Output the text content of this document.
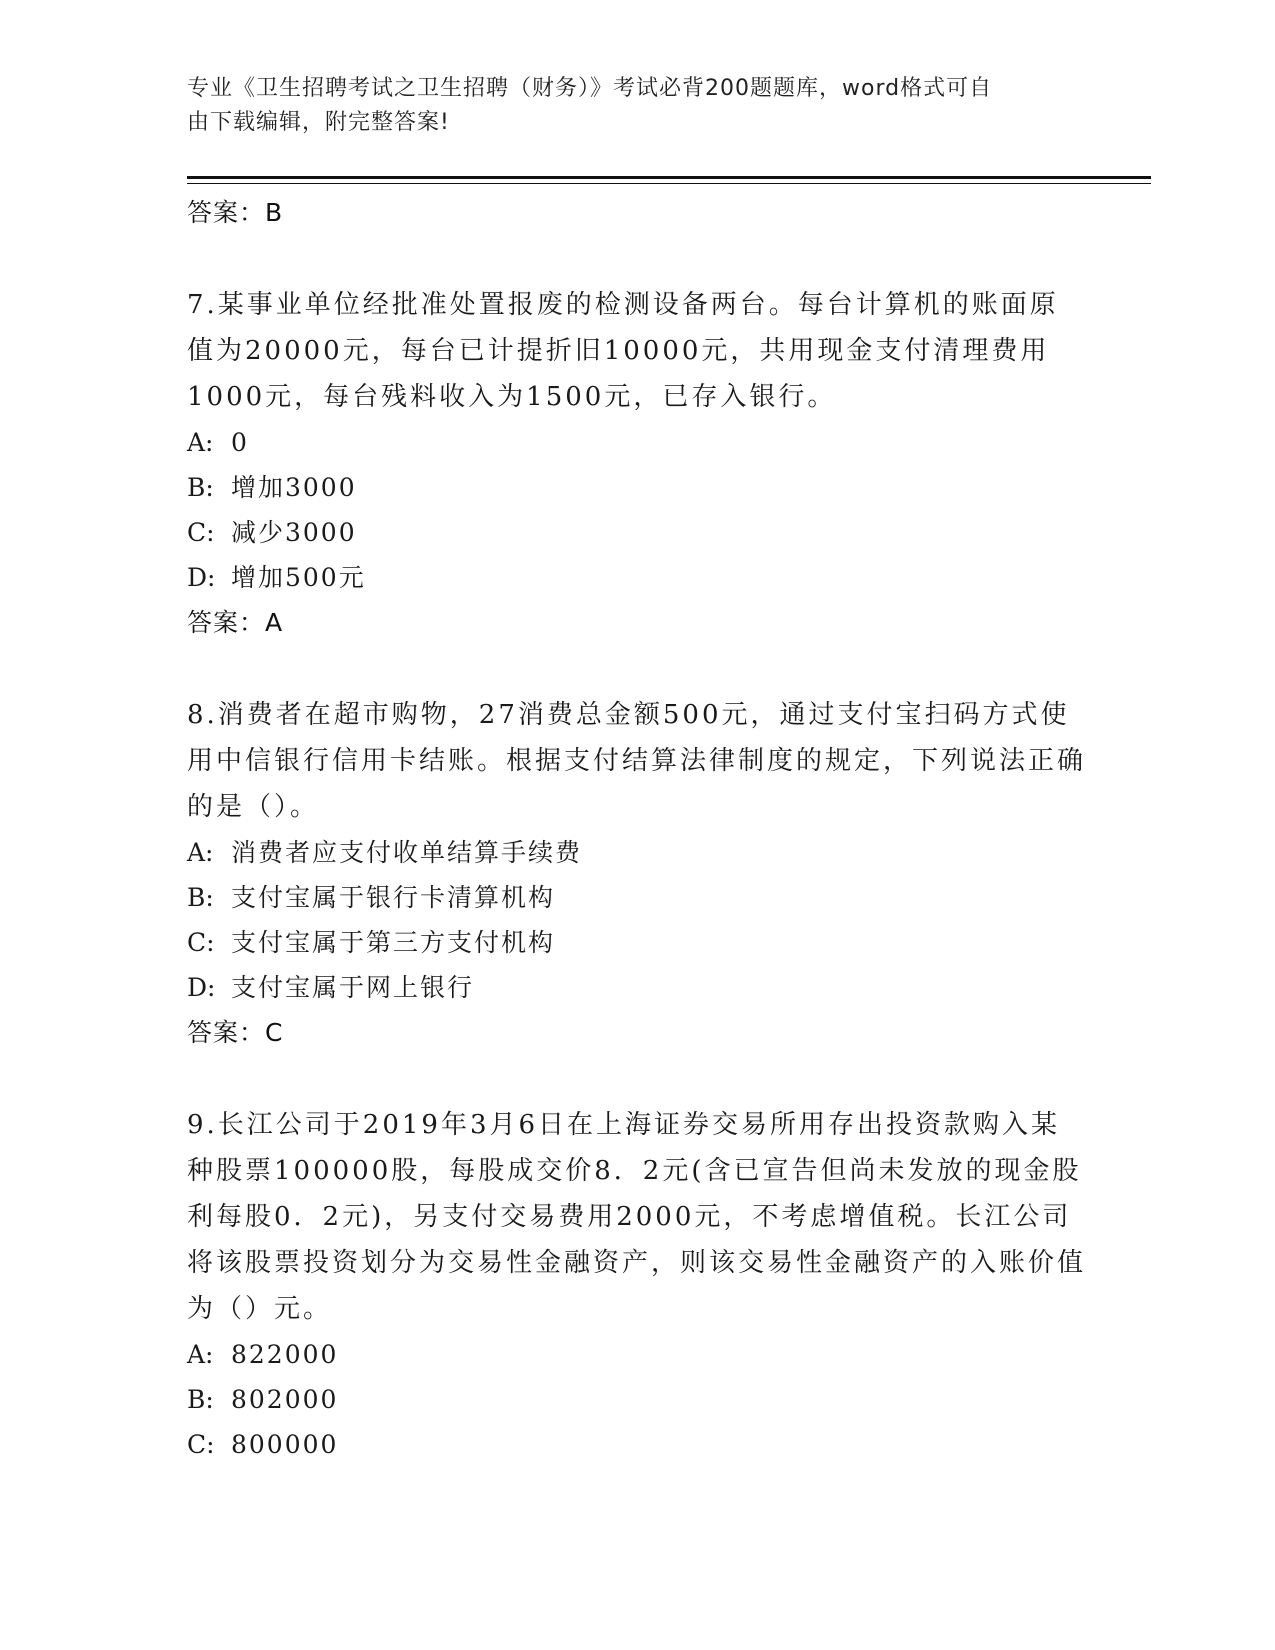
专业《卫生招聘考试之卫生招聘（财务）》考试必背200题题库，word格式可自
由下载编辑，附完整答案!
答案：B
7.某事业单位经批准处置报废的检测设备两台。每台计算机的账面原值为20000元，每台已计提折旧10000元，共用现金支付清理费用1000元，每台残料收入为1500元，已存入银行。
A: 0
B: 增加3000
C: 减少3000
D: 增加500元
答案：A
8.消费者在超市购物，27消费总金额500元，通过支付宝扫码方式使用中信银行信用卡结账。根据支付结算法律制度的规定，下列说法正确的是（）。
A: 消费者应支付收单结算手续费
B: 支付宝属于银行卡清算机构
C: 支付宝属于第三方支付机构
D: 支付宝属于网上银行
答案：C
9.长江公司于2019年3月6日在上海证券交易所用存出投资款购入某种股票100000股，每股成交价8．2元(含已宣告但尚未发放的现金股利每股0．2元)，另支付交易费用2000元，不考虑增值税。长江公司将该股票投资划分为交易性金融资产，则该交易性金融资产的入账价值为（）元。
A: 822000
B: 802000
C: 800000
